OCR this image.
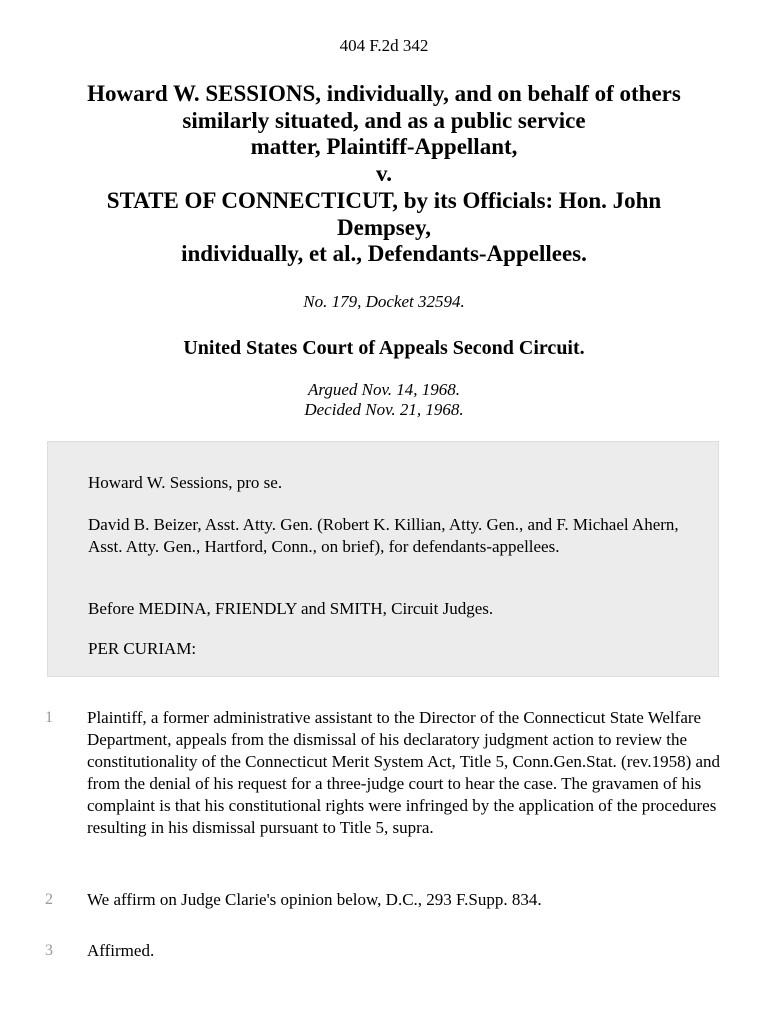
404 F.2d 342
Howard W. SESSIONS, individually, and on behalf of others
similarly situated, and as a public service
matter, Plaintiff-Appellant,
v.
STATE OF CONNECTICUT, by its Officials: Hon. John
Dempsey,
individually, et al., Defendants-Appellees.
No. 179, Docket 32594.
United States Court of Appeals Second Circuit.
Argued Nov. 14, 1968.
Decided Nov. 21, 1968.

Howard W. Sessions, pro se.

David B. Beizer, Asst. Atty. Gen. (Robert K. Killian, Atty. Gen., and F. Michael Ahern, Asst. Atty. Gen., Hartford, Conn., on brief), for defendants-appellees.

Before MEDINA, FRIENDLY and SMITH, Circuit Judges.

PER CURIAM:

1	Plaintiff, a former administrative assistant to the Director of the Connecticut State Welfare Department, appeals from the dismissal of his declaratory judgment action to review the constitutionality of the Connecticut Merit System Act, Title 5, Conn.Gen.Stat. (rev.1958) and from the denial of his request for a three-judge court to hear the case. The gravamen of his complaint is that his constitutional rights were infringed by the application of the procedures resulting in his dismissal pursuant to Title 5, supra.
2	We affirm on Judge Clarie's opinion below, D.C., 293 F.Supp. 834.
3	Affirmed.
